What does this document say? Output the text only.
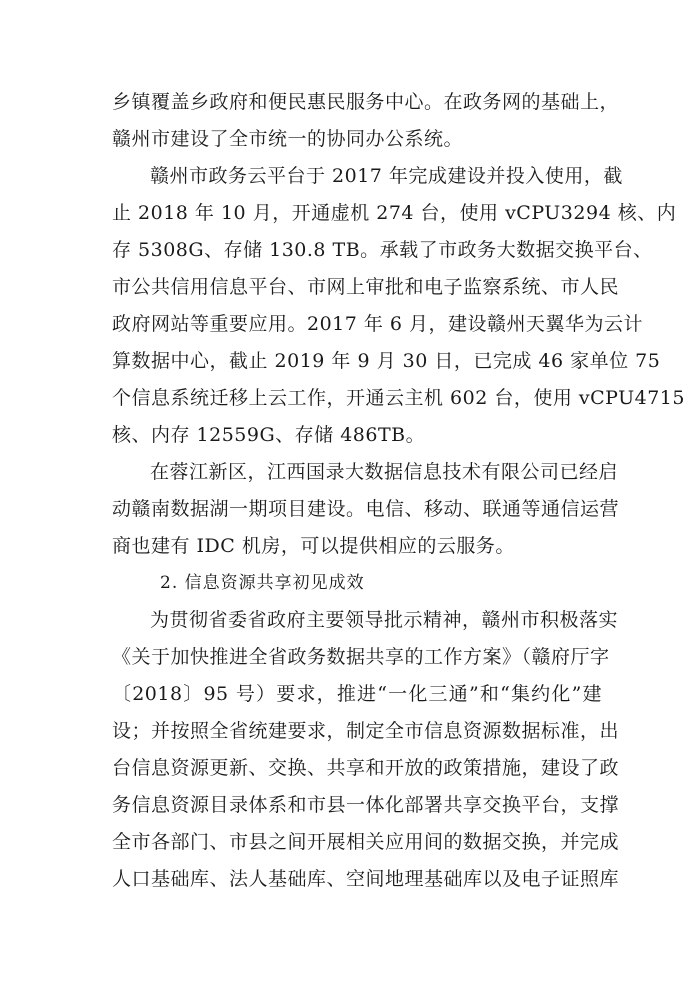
乡镇覆盖乡政府和便民惠民服务中心。在政务网的基础上，
赣州市建设了全市统一的协同办公系统。
赣州市政务云平台于 2017 年完成建设并投入使用，截
止 2018 年 10 月，开通虚机 274 台，使用 vCPU3294 核、内
存 5308G、存储 130.8 TB。承载了市政务大数据交换平台、
市公共信用信息平台、市网上审批和电子监察系统、市人民
政府网站等重要应用。2017 年 6 月，建设赣州天翼华为云计
算数据中心，截止 2019 年 9 月 30 日，已完成 46 家单位 75
个信息系统迁移上云工作，开通云主机 602 台，使用 vCPU4715
核、内存 12559G、存储 486TB。
在蓉江新区，江西国录大数据信息技术有限公司已经启
动赣南数据湖一期项目建设。电信、移动、联通等通信运营
商也建有 IDC 机房，可以提供相应的云服务。
2. 信息资源共享初见成效
为贯彻省委省政府主要领导批示精神，赣州市积极落实
《关于加快推进全省政务数据共享的工作方案》（赣府厅字
〔2018〕95 号）要求，推进“一化三通”和“集约化”建
设；并按照全省统建要求，制定全市信息资源数据标准，出
台信息资源更新、交换、共享和开放的政策措施，建设了政
务信息资源目录体系和市县一体化部署共享交换平台，支撑
全市各部门、市县之间开展相关应用间的数据交换，并完成
人口基础库、法人基础库、空间地理基础库以及电子证照库
